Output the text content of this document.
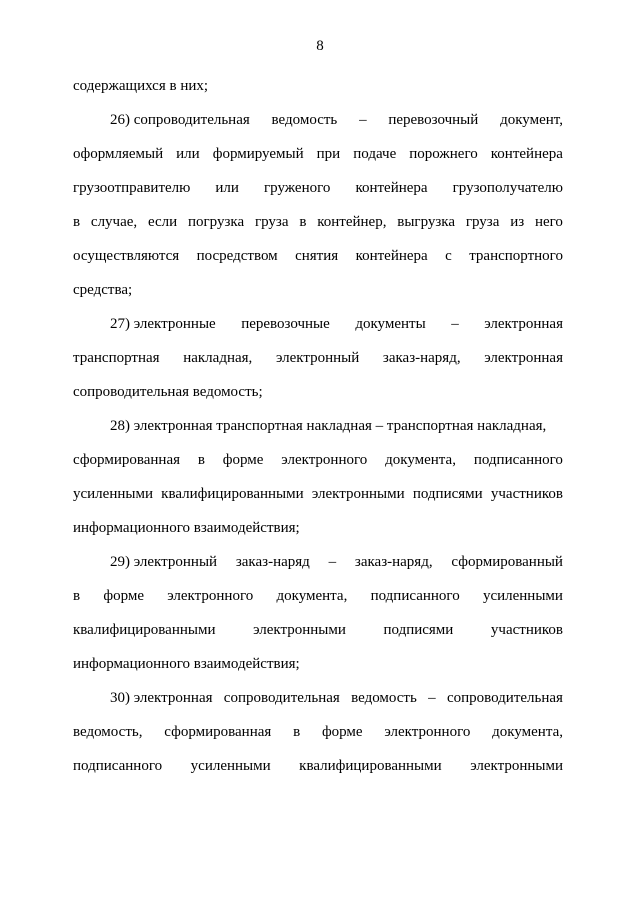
8
содержащихся в них;
26) сопроводительная ведомость – перевозочный документ,
оформляемый или формируемый при подаче порожнего контейнера
грузоотправителю или груженого контейнера грузополучателю
в случае, если погрузка груза в контейнер, выгрузка груза из него
осуществляются посредством снятия контейнера с транспортного
средства;
27) электронные перевозочные документы – электронная
транспортная накладная, электронный заказ-наряд, электронная
сопроводительная ведомость;
28) электронная транспортная накладная – транспортная накладная,
сформированная в форме электронного документа, подписанного
усиленными квалифицированными электронными подписями участников
информационного взаимодействия;
29) электронный заказ-наряд – заказ-наряд, сформированный
в форме электронного документа, подписанного усиленными
квалифицированными	электронными	подписями	участников
информационного взаимодействия;
30) электронная сопроводительная ведомость – сопроводительная
ведомость, сформированная в форме электронного документа,
подписанного усиленными квалифицированными электронными
